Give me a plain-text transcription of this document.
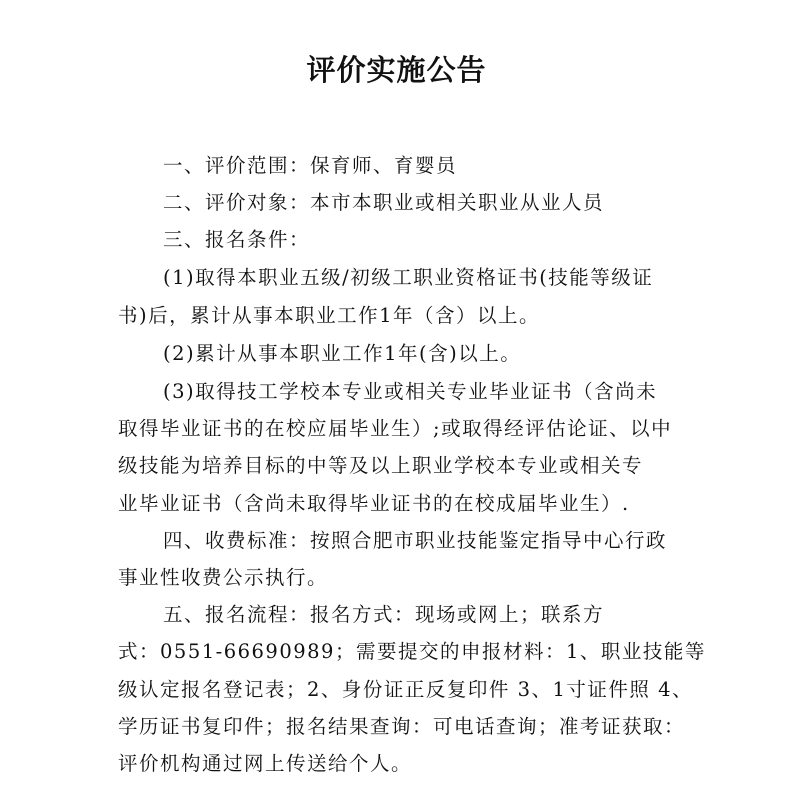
评价实施公告
一、评价范围：保育师、育婴员
二、评价对象：本市本职业或相关职业从业人员
三、报名条件：
(1)取得本职业五级/初级工职业资格证书(技能等级证
书)后，累计从事本职业工作1年（含）以上。
(2)累计从事本职业工作1年(含)以上。
(3)取得技工学校本专业或相关专业毕业证书（含尚未
取得毕业证书的在校应届毕业生）;或取得经评估论证、以中
级技能为培养目标的中等及以上职业学校本专业或相关专
业毕业证书（含尚未取得毕业证书的在校成届毕业生）.
四、收费标准：按照合肥市职业技能鉴定指导中心行政
事业性收费公示执行。
五、报名流程：报名方式：现场或网上；联系方
式：0551-66690989；需要提交的申报材料：1、职业技能等
级认定报名登记表；2、身份证正反复印件 3、1寸证件照 4、
学历证书复印件；报名结果查询：可电话查询；准考证获取：
评价机构通过网上传送给个人。
